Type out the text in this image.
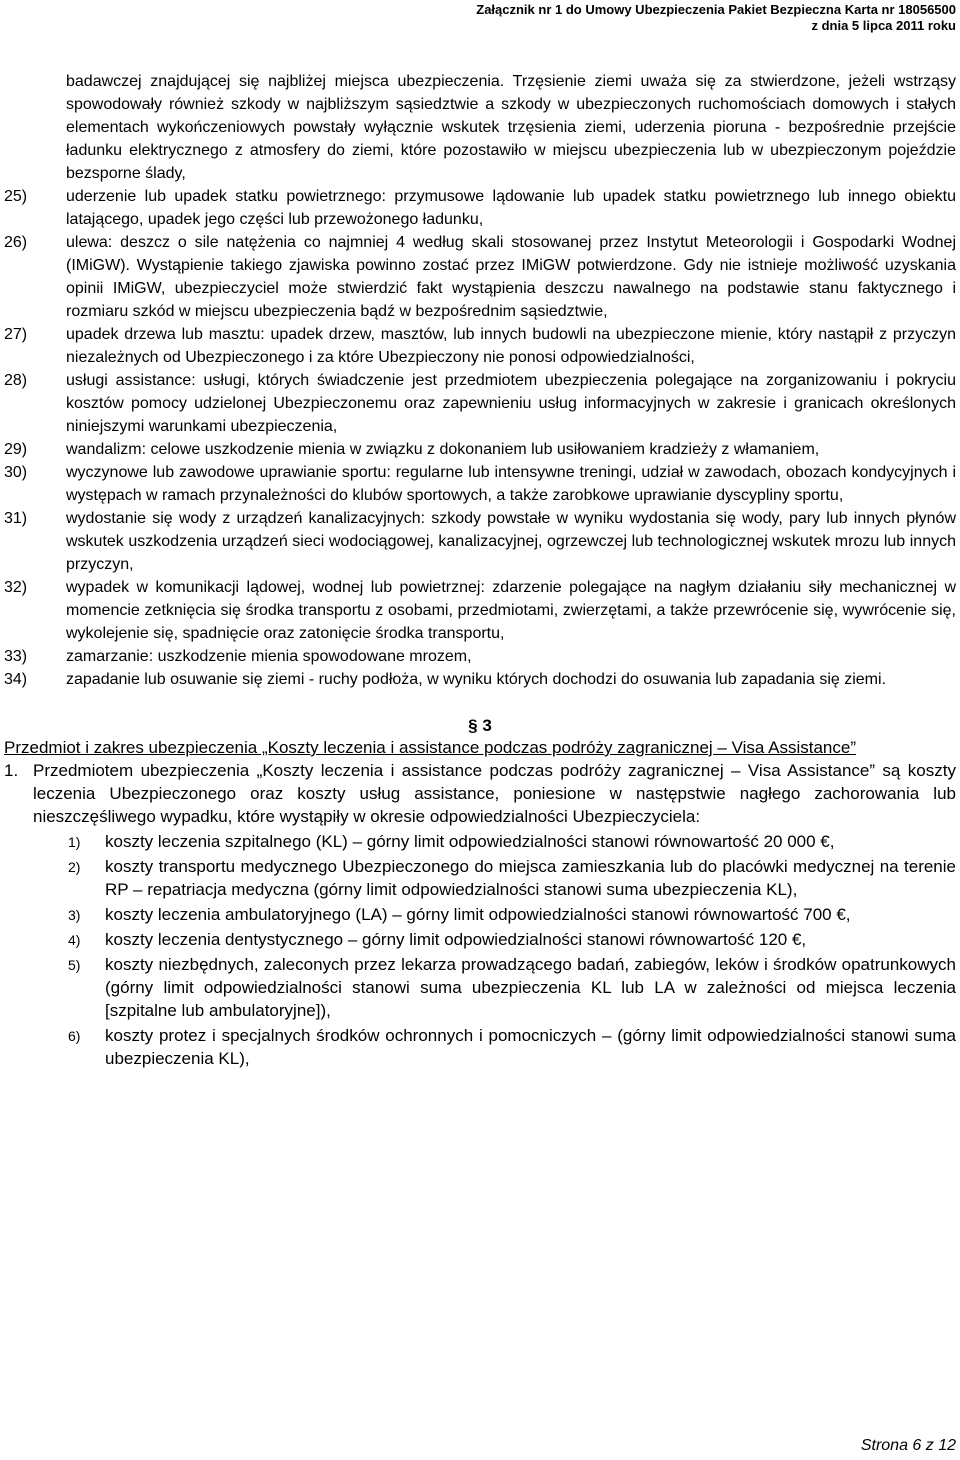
Załącznik nr 1 do Umowy Ubezpieczenia Pakiet Bezpieczna Karta nr 18056500
z dnia 5 lipca 2011 roku
badawczej znajdującej się najbliżej miejsca ubezpieczenia. Trzęsienie ziemi uważa się za stwierdzone, jeżeli wstrząsy spowodowały również szkody w najbliższym sąsiedztwie a szkody w ubezpieczonych ruchomościach domowych i stałych elementach wykończeniowych powstały wyłącznie wskutek trzęsienia ziemi, uderzenia pioruna - bezpośrednie przejście ładunku elektrycznego z atmosfery do ziemi, które pozostawiło w miejscu ubezpieczenia lub w ubezpieczonym pojeździe bezsporne ślady,
25) uderzenie lub upadek statku powietrznego: przymusowe lądowanie lub upadek statku powietrznego lub innego obiektu latającego, upadek jego części lub przewożonego ładunku,
26) ulewa: deszcz o sile natężenia co najmniej 4 według skali stosowanej przez Instytut Meteorologii i Gospodarki Wodnej (IMiGW). Wystąpienie takiego zjawiska powinno zostać przez IMiGW potwierdzone. Gdy nie istnieje możliwość uzyskania opinii IMiGW, ubezpieczyciel może stwierdzić fakt wystąpienia deszczu nawalnego na podstawie stanu faktycznego i rozmiaru szkód w miejscu ubezpieczenia bądź w bezpośrednim sąsiedztwie,
27) upadek drzewa lub masztu: upadek drzew, masztów, lub innych budowli na ubezpieczone mienie, który nastąpił z przyczyn niezależnych od Ubezpieczonego i za które Ubezpieczony nie ponosi odpowiedzialności,
28) usługi assistance: usługi, których świadczenie jest przedmiotem ubezpieczenia polegające na zorganizowaniu i pokryciu kosztów pomocy udzielonej Ubezpieczonemu oraz zapewnieniu usług informacyjnych w zakresie i granicach określonych niniejszymi warunkami ubezpieczenia,
29) wandalizm: celowe uszkodzenie mienia w związku z dokonaniem lub usiłowaniem kradzieży z włamaniem,
30) wyczynowe lub zawodowe uprawianie sportu: regularne lub intensywne treningi, udział w zawodach, obozach kondycyjnych i występach w ramach przynależności do klubów sportowych, a także zarobkowe uprawianie dyscypliny sportu,
31) wydostanie się wody z urządzeń kanalizacyjnych: szkody powstałe w wyniku wydostania się wody, pary lub innych płynów wskutek uszkodzenia urządzeń sieci wodociągowej, kanalizacyjnej, ogrzewczej lub technologicznej wskutek mrozu lub innych przyczyn,
32) wypadek w komunikacji lądowej, wodnej lub powietrznej: zdarzenie polegające na nagłym działaniu siły mechanicznej w momencie zetknięcia się środka transportu z osobami, przedmiotami, zwierzętami, a także przewrócenie się, wywrócenie się, wykolejenie się, spadnięcie oraz zatonięcie środka transportu,
33) zamarzanie: uszkodzenie mienia spowodowane mrozem,
34) zapadanie lub osuwanie się ziemi - ruchy podłoża, w wyniku których dochodzi do osuwania lub zapadania się ziemi.
§ 3
Przedmiot i zakres ubezpieczenia „Koszty leczenia i assistance podczas podróży zagranicznej – Visa Assistance”
1. Przedmiotem ubezpieczenia „Koszty leczenia i assistance podczas podróży zagranicznej – Visa Assistance” są koszty leczenia Ubezpieczonego oraz koszty usług assistance, poniesione w następstwie nagłego zachorowania lub nieszczęśliwego wypadku, które wystąpiły w okresie odpowiedzialności Ubezpieczyciela:
1) koszty leczenia szpitalnego (KL) – górny limit odpowiedzialności stanowi równowartość 20 000 €,
2) koszty transportu medycznego Ubezpieczonego do miejsca zamieszkania lub do placówki medycznej na terenie RP – repatriacja medyczna (górny limit odpowiedzialności stanowi suma ubezpieczenia KL),
3) koszty leczenia ambulatoryjnego (LA) – górny limit odpowiedzialności stanowi równowartość 700 €,
4) koszty leczenia dentystycznego – górny limit odpowiedzialności stanowi równowartość 120 €,
5) koszty niezbędnych, zaleconych przez lekarza prowadzącego badań, zabiegów, leków i środków opatrunkowych (górny limit odpowiedzialności stanowi suma ubezpieczenia KL lub LA w zależności od miejsca leczenia [szpitalne lub ambulatoryjne]),
6) koszty protez i specjalnych środków ochronnych i pomocniczych – (górny limit odpowiedzialności stanowi suma ubezpieczenia KL),
Strona 6 z 12
